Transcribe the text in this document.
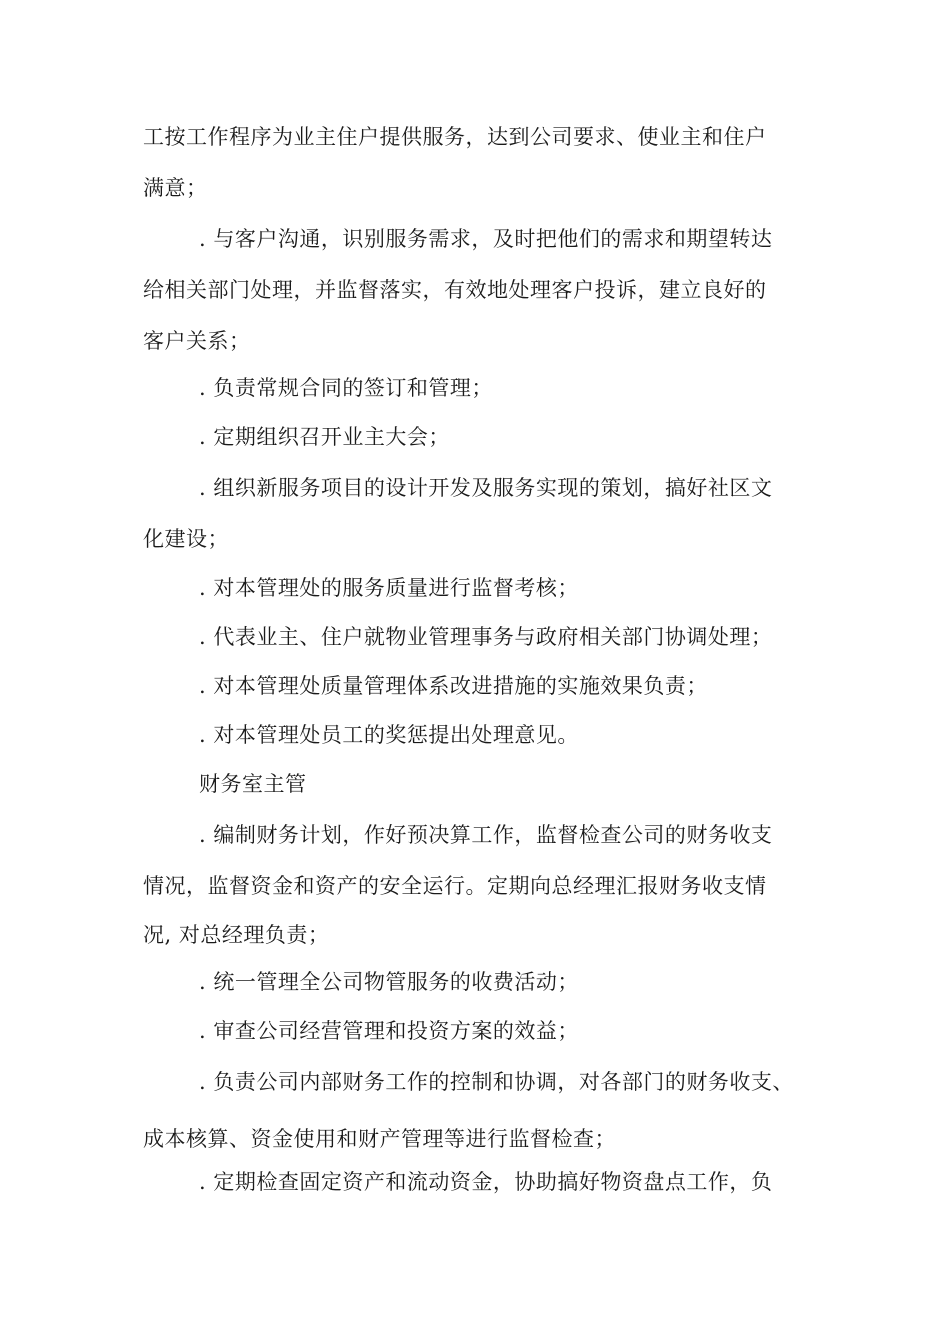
工按工作程序为业主住户提供服务，达到公司要求、使业主和住户
满意；
. 与客户沟通，识别服务需求，及时把他们的需求和期望转达
给相关部门处理，并监督落实，有效地处理客户投诉，建立良好的
客户关系；
. 负责常规合同的签订和管理；
. 定期组织召开业主大会；
. 组织新服务项目的设计开发及服务实现的策划，搞好社区文
化建设；
. 对本管理处的服务质量进行监督考核；
. 代表业主、住户就物业管理事务与政府相关部门协调处理；
. 对本管理处质量管理体系改进措施的实施效果负责；
. 对本管理处员工的奖惩提出处理意见。
财务室主管
. 编制财务计划，作好预决算工作，监督检查公司的财务收支
情况，监督资金和资产的安全运行。定期向总经理汇报财务收支情
况, 对总经理负责；
. 统一管理全公司物管服务的收费活动；
. 审查公司经营管理和投资方案的效益；
. 负责公司内部财务工作的控制和协调，对各部门的财务收支、
成本核算、资金使用和财产管理等进行监督检查；
. 定期检查固定资产和流动资金，协助搞好物资盘点工作，负
